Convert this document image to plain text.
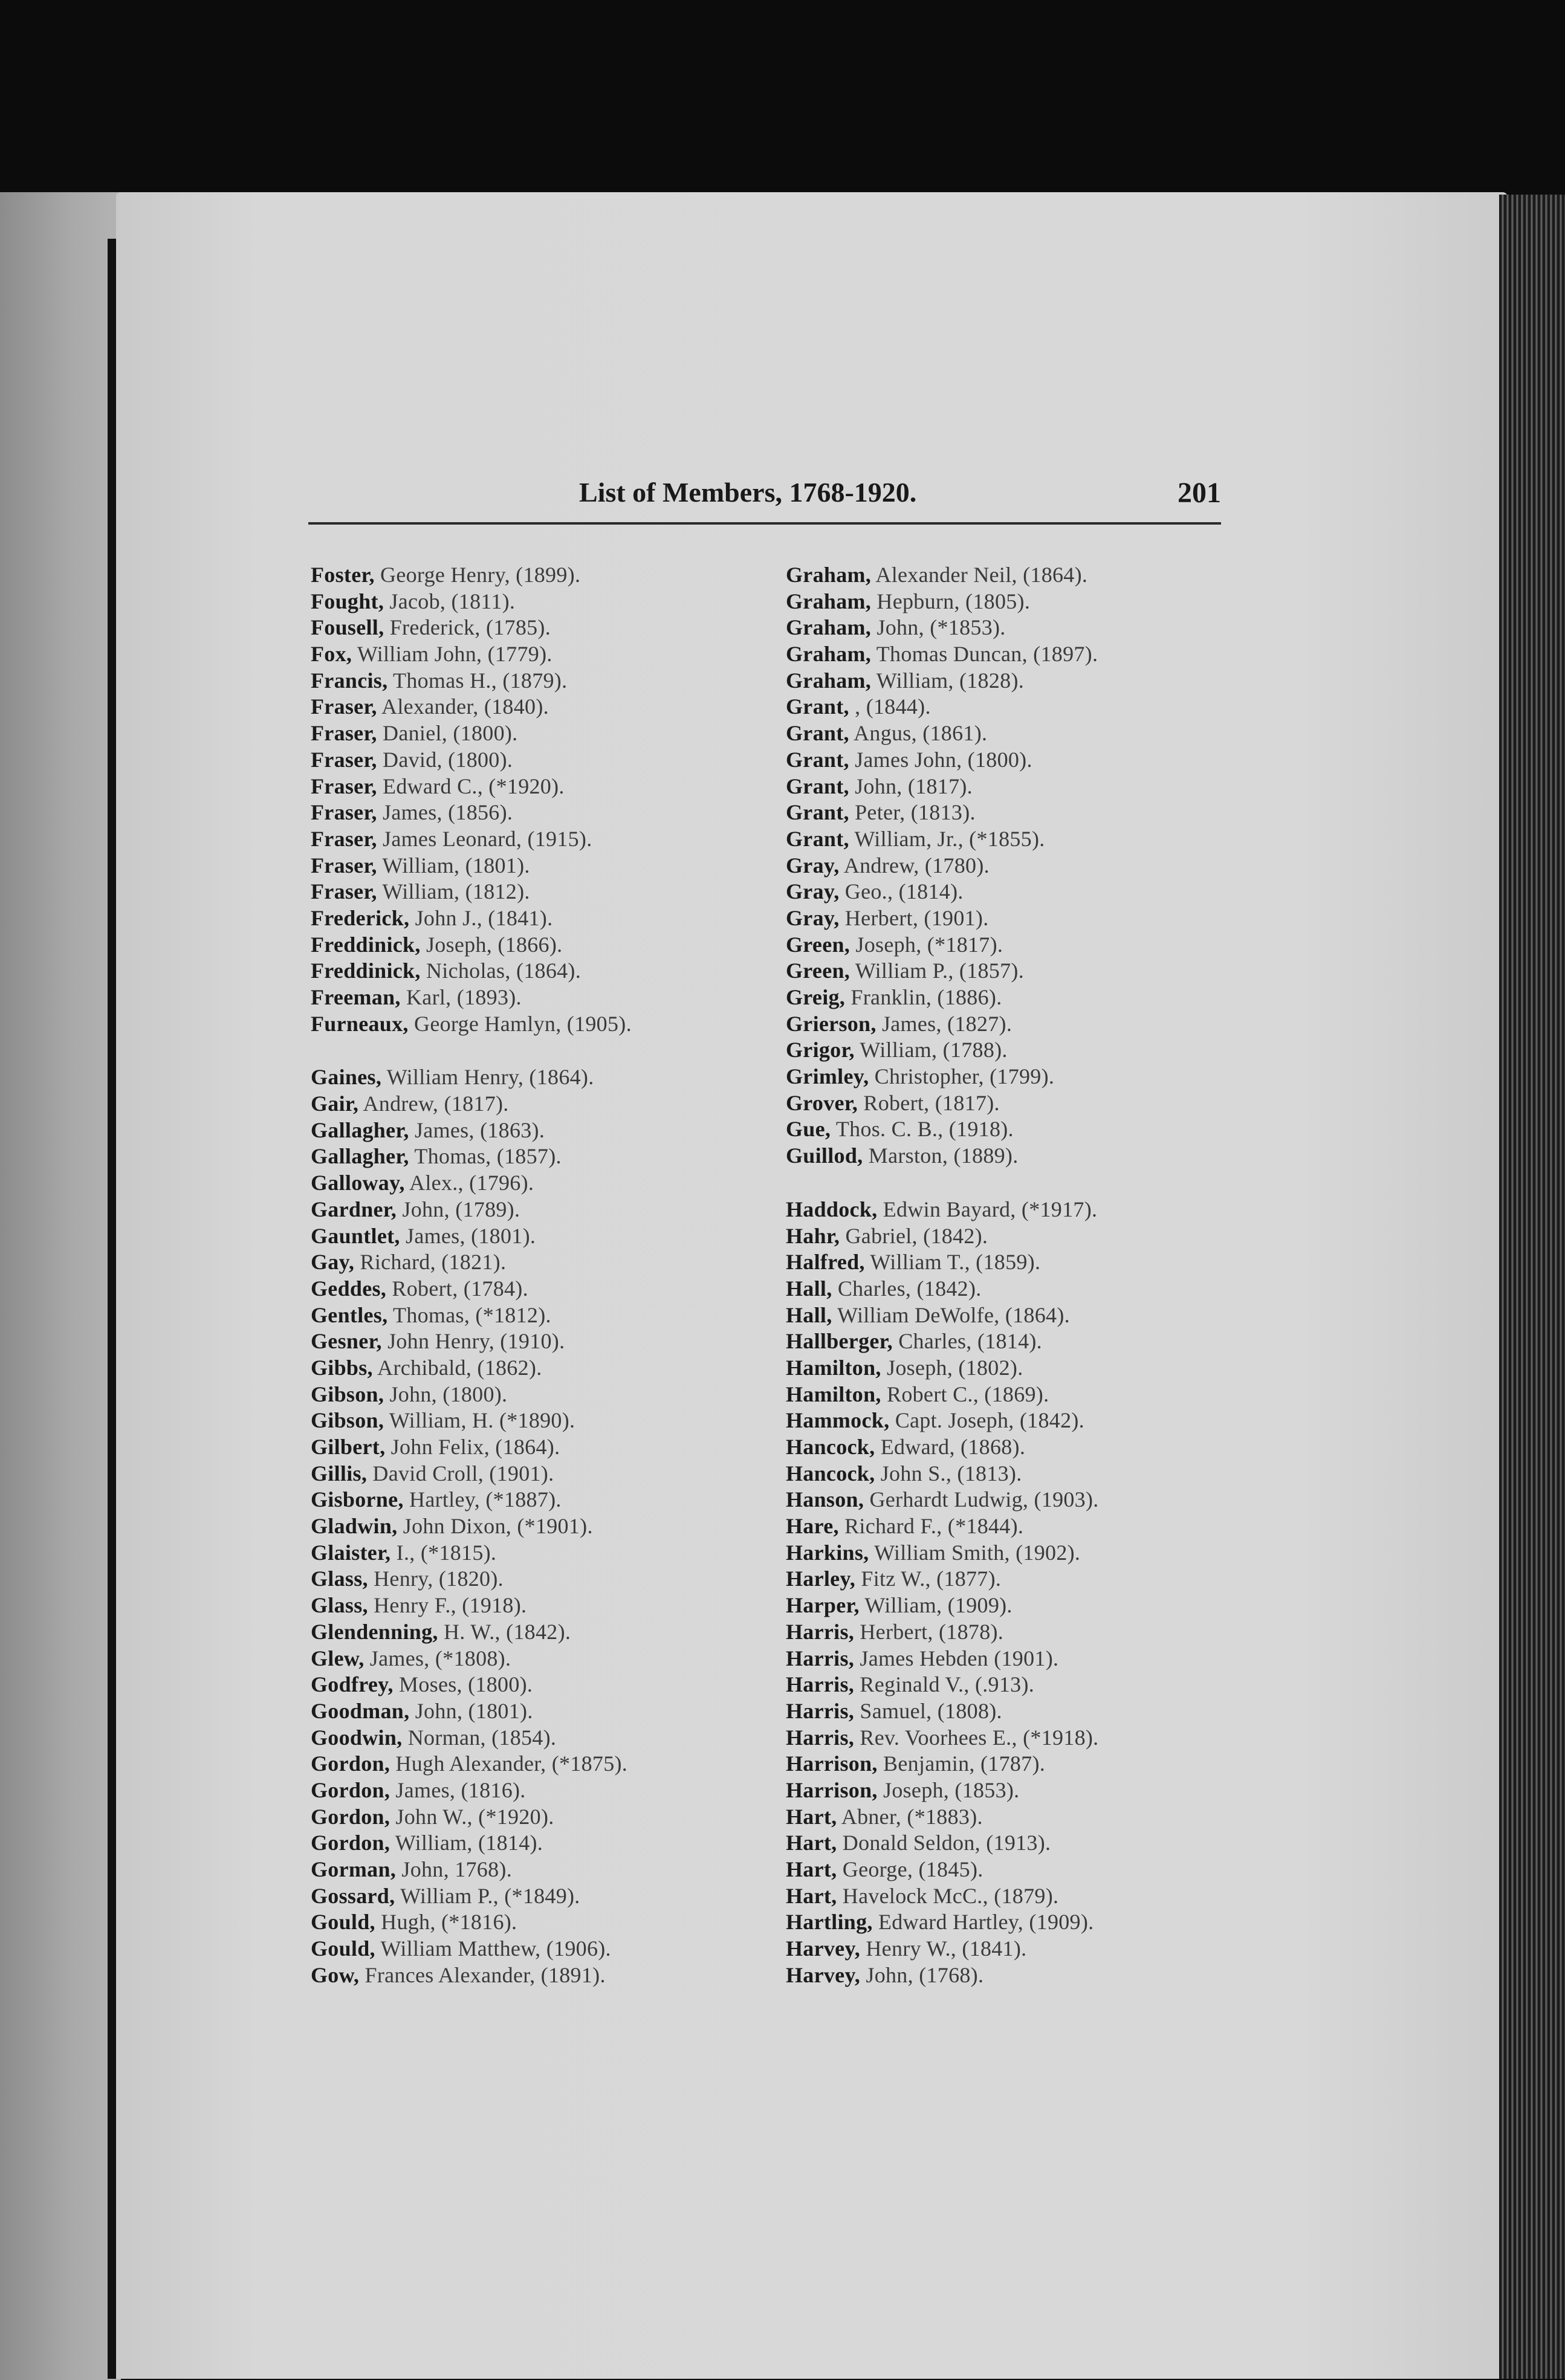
List of Members, 1768-1920.	201
Foster, George Henry, (1899).
Fought, Jacob, (1811).
Fousell, Frederick, (1785).
Fox, William John, (1779).
Francis, Thomas H., (1879).
Fraser, Alexander, (1840).
Fraser, Daniel, (1800).
Fraser, David, (1800).
Fraser, Edward C., (*1920).
Fraser, James, (1856).
Fraser, James Leonard, (1915).
Fraser, William, (1801).
Fraser, William, (1812).
Frederick, John J., (1841).
Freddinick, Joseph, (1866).
Freddinick, Nicholas, (1864).
Freeman, Karl, (1893).
Furneaux, George Hamlyn, (1905).
Gaines, William Henry, (1864).
Gair, Andrew, (1817).
Gallagher, James, (1863).
Gallagher, Thomas, (1857).
Galloway, Alex., (1796).
Gardner, John, (1789).
Gauntlet, James, (1801).
Gay, Richard, (1821).
Geddes, Robert, (1784).
Gentles, Thomas, (*1812).
Gesner, John Henry, (1910).
Gibbs, Archibald, (1862).
Gibson, John, (1800).
Gibson, William, H. (*1890).
Gilbert, John Felix, (1864).
Gillis, David Croll, (1901).
Gisborne, Hartley, (*1887).
Gladwin, John Dixon, (*1901).
Glaister, I., (*1815).
Glass, Henry, (1820).
Glass, Henry F., (1918).
Glendenning, H. W., (1842).
Glew, James, (*1808).
Godfrey, Moses, (1800).
Goodman, John, (1801).
Goodwin, Norman, (1854).
Gordon, Hugh Alexander, (*1875).
Gordon, James, (1816).
Gordon, John W., (*1920).
Gordon, William, (1814).
Gorman, John, 1768).
Gossard, William P., (*1849).
Gould, Hugh, (*1816).
Gould, William Matthew, (1906).
Gow, Frances Alexander, (1891).
Graham, Alexander Neil, (1864).
Graham, Hepburn, (1805).
Graham, John, (*1853).
Graham, Thomas Duncan, (1897).
Graham, William, (1828).
Grant, , (1844).
Grant, Angus, (1861).
Grant, James John, (1800).
Grant, John, (1817).
Grant, Peter, (1813).
Grant, William, Jr., (*1855).
Gray, Andrew, (1780).
Gray, Geo., (1814).
Gray, Herbert, (1901).
Green, Joseph, (*1817).
Green, William P., (1857).
Greig, Franklin, (1886).
Grierson, James, (1827).
Grigor, William, (1788).
Grimley, Christopher, (1799).
Grover, Robert, (1817).
Gue, Thos. C. B., (1918).
Guillod, Marston, (1889).
Haddock, Edwin Bayard, (*1917).
Hahr, Gabriel, (1842).
Halfred, William T., (1859).
Hall, Charles, (1842).
Hall, William DeWolfe, (1864).
Hallberger, Charles, (1814).
Hamilton, Joseph, (1802).
Hamilton, Robert C., (1869).
Hammock, Capt. Joseph, (1842).
Hancock, Edward, (1868).
Hancock, John S., (1813).
Hanson, Gerhardt Ludwig, (1903).
Hare, Richard F., (*1844).
Harkins, William Smith, (1902).
Harley, Fitz W., (1877).
Harper, William, (1909).
Harris, Herbert, (1878).
Harris, James Hebden (1901).
Harris, Reginald V., (.913).
Harris, Samuel, (1808).
Harris, Rev. Voorhees E., (*1918).
Harrison, Benjamin, (1787).
Harrison, Joseph, (1853).
Hart, Abner, (*1883).
Hart, Donald Seldon, (1913).
Hart, George, (1845).
Hart, Havelock McC., (1879).
Hartling, Edward Hartley, (1909).
Harvey, Henry W., (1841).
Harvey, John, (1768).
